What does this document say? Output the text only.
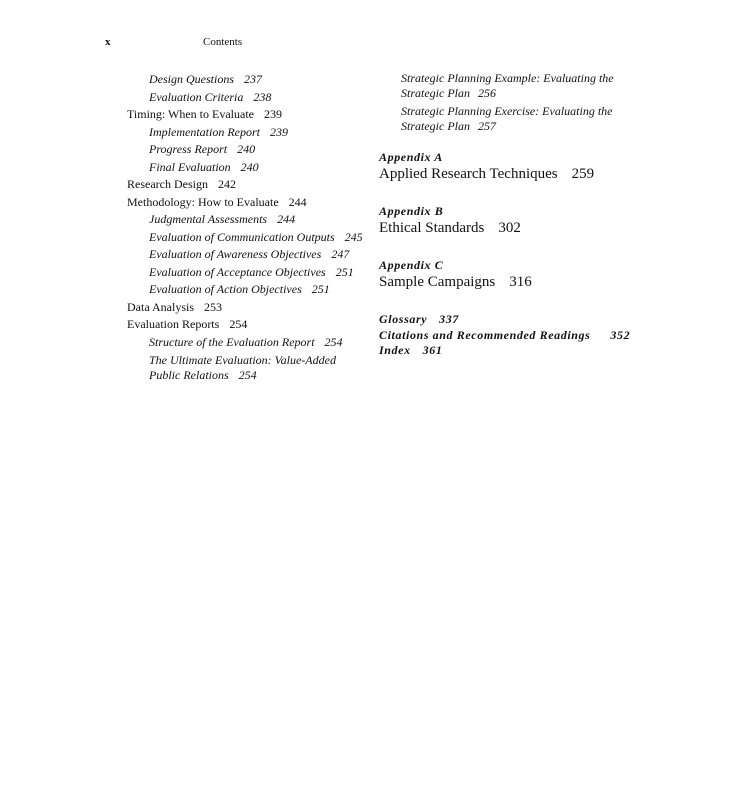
x	Contents
Design Questions 237
Evaluation Criteria 238
Timing: When to Evaluate 239
Implementation Report 239
Progress Report 240
Final Evaluation 240
Research Design 242
Methodology: How to Evaluate 244
Judgmental Assessments 244
Evaluation of Communication Outputs 245
Evaluation of Awareness Objectives 247
Evaluation of Acceptance Objectives 251
Evaluation of Action Objectives 251
Data Analysis 253
Evaluation Reports 254
Structure of the Evaluation Report 254
The Ultimate Evaluation: Value-Added Public Relations 254
Strategic Planning Example: Evaluating the Strategic Plan 256
Strategic Planning Exercise: Evaluating the Strategic Plan 257
Appendix A
Applied Research Techniques 259
Appendix B
Ethical Standards 302
Appendix C
Sample Campaigns 316
Glossary 337
Citations and Recommended Readings 352
Index 361
